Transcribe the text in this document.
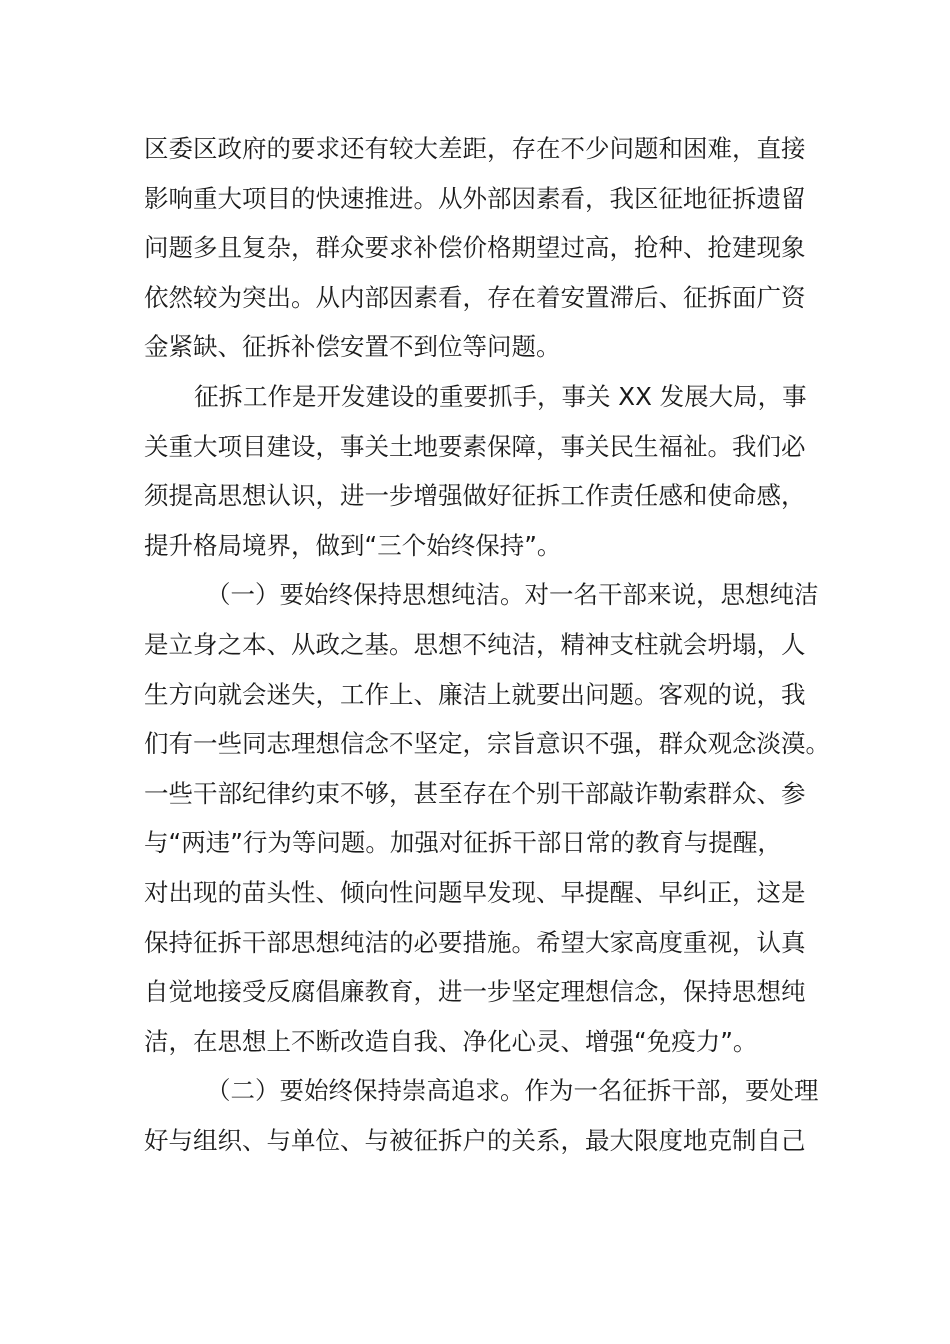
区委区政府的要求还有较大差距，存在不少问题和困难，直接
影响重大项目的快速推进。从外部因素看，我区征地征拆遗留
问题多且复杂，群众要求补偿价格期望过高，抢种、抢建现象
依然较为突出。从内部因素看，存在着安置滞后、征拆面广资
金紧缺、征拆补偿安置不到位等问题。
征拆工作是开发建设的重要抓手，事关 XX 发展大局，事
关重大项目建设，事关土地要素保障，事关民生福祉。我们必
须提高思想认识，进一步增强做好征拆工作责任感和使命感，
提升格局境界，做到“三个始终保持”。
（一）要始终保持思想纯洁。对一名干部来说，思想纯洁
是立身之本、从政之基。思想不纯洁，精神支柱就会坍塌，人
生方向就会迷失，工作上、廉洁上就要出问题。客观的说，我
们有一些同志理想信念不坚定，宗旨意识不强，群众观念淡漠。
一些干部纪律约束不够，甚至存在个别干部敲诈勒索群众、参
与“两违”行为等问题。加强对征拆干部日常的教育与提醒，
对出现的苗头性、倾向性问题早发现、早提醒、早纠正，这是
保持征拆干部思想纯洁的必要措施。希望大家高度重视，认真
自觉地接受反腐倡廉教育，进一步坚定理想信念，保持思想纯
洁，在思想上不断改造自我、净化心灵、增强“免疫力”。
（二）要始终保持崇高追求。作为一名征拆干部，要处理
好与组织、与单位、与被征拆户的关系，最大限度地克制自己
